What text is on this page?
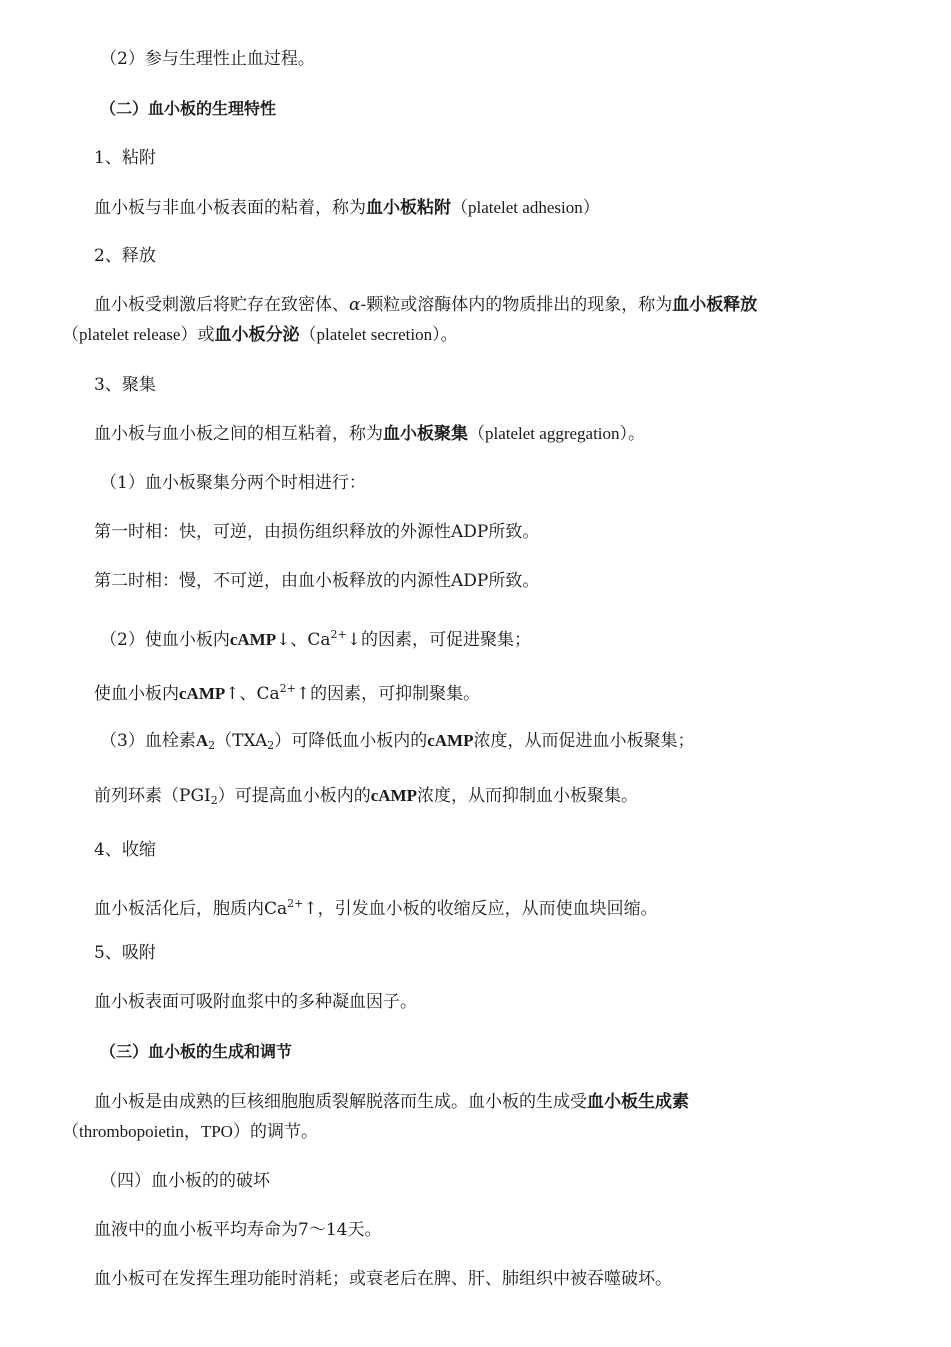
（2）参与生理性止血过程。
（二）血小板的生理特性
1、粘附
血小板与非血小板表面的粘着，称为血小板粘附（platelet adhesion）
2、释放
血小板受刺激后将贮存在致密体、α-颗粒或溶酶体内的物质排出的现象，称为血小板释放
（platelet release）或血小板分泌（platelet secretion）。
3、聚集
血小板与血小板之间的相互粘着，称为血小板聚集（platelet aggregation）。
（1）血小板聚集分两个时相进行：
第一时相：快，可逆，由损伤组织释放的外源性ADP所致。
第二时相：慢，不可逆，由血小板释放的内源性ADP所致。
（2）使血小板内cAMP↓、$Ca^{2+}↓$的因素，可促进聚集；
使血小板内cAMP↑、$Ca^{2+}↑$的因素，可抑制聚集。
（3）血栓素$A_2(TXA_2)$可降低血小板内的cAMP浓度，从而促进血小板聚集；
前列环素$(PGI_2)$可提高血小板内的cAMP浓度，从而抑制血小板聚集。
4、收缩
血小板活化后，胞质内$Ca^{2+}↑$，引发血小板的收缩反应，从而使血块回缩。
5、吸附
血小板表面可吸附血浆中的多种凝血因子。
（三）血小板的生成和调节
血小板是由成熟的巨核细胞胞质裂解脱落而生成。血小板的生成受血小板生成素
（thrombopoietin，TPO）的调节。
（四）血小板的的破坏
血液中的血小板平均寿命为7～14天。
血小板可在发挥生理功能时消耗；或衰老后在脾、肝、肺组织中被吞噬破坏。
